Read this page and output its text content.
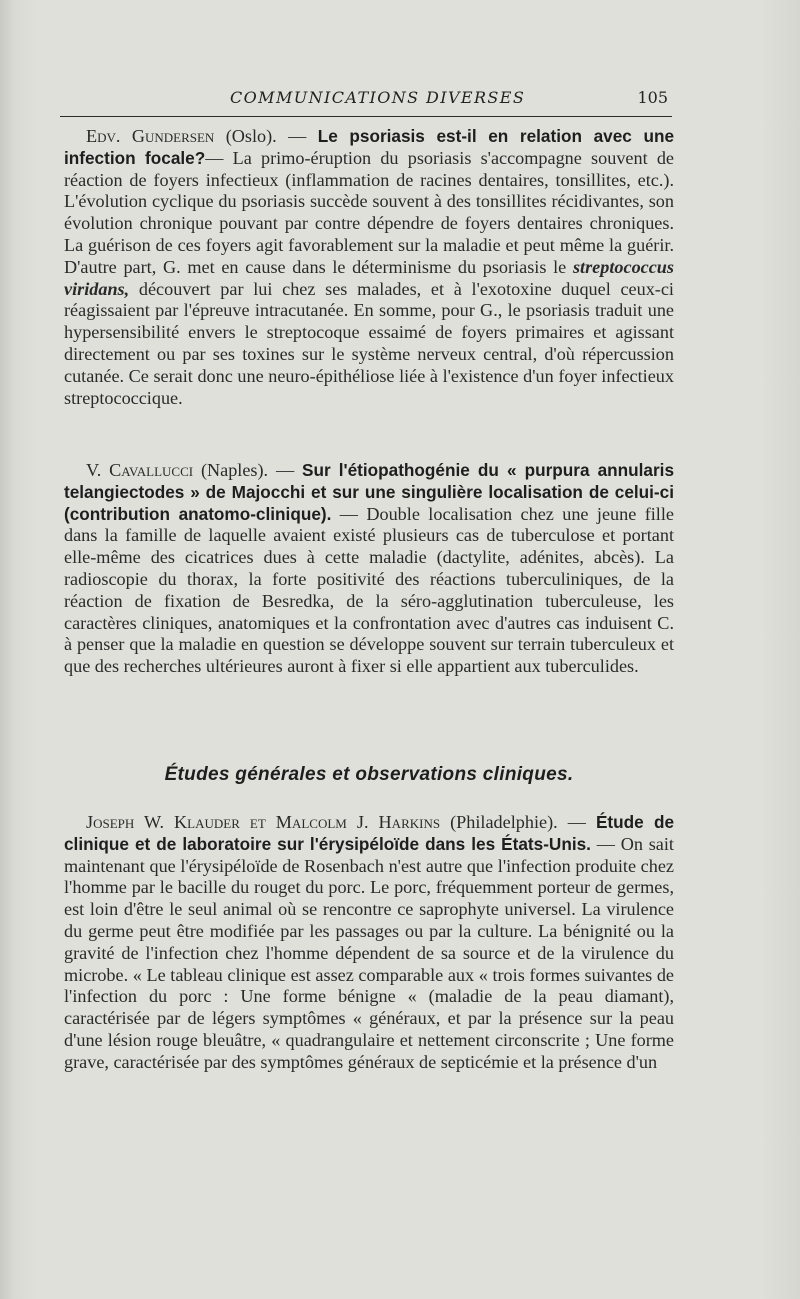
COMMUNICATIONS DIVERSES	105

Edv. Gundersen (Oslo). — Le psoriasis est-il en relation avec une infection focale?— La primo-éruption du psoriasis s'accompagne souvent de réaction de foyers infectieux (inflammation de racines dentaires, tonsillites, etc.). L'évolution cyclique du psoriasis succède souvent à des tonsillites récidivantes, son évolution chronique pouvant par contre dépendre de foyers dentaires chroniques. La guérison de ces foyers agit favorablement sur la maladie et peut même la guérir. D'autre part, G. met en cause dans le déterminisme du psoriasis le streptococcus viridans, découvert par lui chez ses malades, et à l'exotoxine duquel ceux-ci réagissaient par l'épreuve intracutanée. En somme, pour G., le psoriasis traduit une hypersensibilité envers le streptocoque essaimé de foyers primaires et agissant directement ou par ses toxines sur le système nerveux central, d'où répercussion cutanée. Ce serait donc une neuro-épithéliose liée à l'existence d'un foyer infectieux streptococcique.

V. Cavallucci (Naples). — Sur l'étiopathogénie du « purpura annularis telangiectodes » de Majocchi et sur une singulière localisation de celui-ci (contribution anatomo-clinique). — Double localisation chez une jeune fille dans la famille de laquelle avaient existé plusieurs cas de tuberculose et portant elle-même des cicatrices dues à cette maladie (dactylite, adénites, abcès). La radioscopie du thorax, la forte positivité des réactions tuberculiniques, de la réaction de fixation de Besredka, de la séro-agglutination tuberculeuse, les caractères cliniques, anatomiques et la confrontation avec d'autres cas induisent C. à penser que la maladie en question se développe souvent sur terrain tuberculeux et que des recherches ultérieures auront à fixer si elle appartient aux tuberculides.

Études générales et observations cliniques.

Joseph W. Klauder et Malcolm J. Harkins (Philadelphie). — Étude de clinique et de laboratoire sur l'érysipéloïde dans les États-Unis. — On sait maintenant que l'érysipéloïde de Rosenbach n'est autre que l'infection produite chez l'homme par le bacille du rouget du porc. Le porc, fréquemment porteur de germes, est loin d'être le seul animal où se rencontre ce saprophyte universel. La virulence du germe peut être modifiée par les passages ou par la culture. La bénignité ou la gravité de l'infection chez l'homme dépendent de sa source et de la virulence du microbe. « Le tableau clinique est assez comparable aux « trois formes suivantes de l'infection du porc : Une forme bénigne « (maladie de la peau diamant), caractérisée par de légers symptômes « généraux, et par la présence sur la peau d'une lésion rouge bleuâtre, « quadrangulaire et nettement circonscrite ; Une forme grave, caractérisée par des symptômes généraux de septicémie et la présence d'un
